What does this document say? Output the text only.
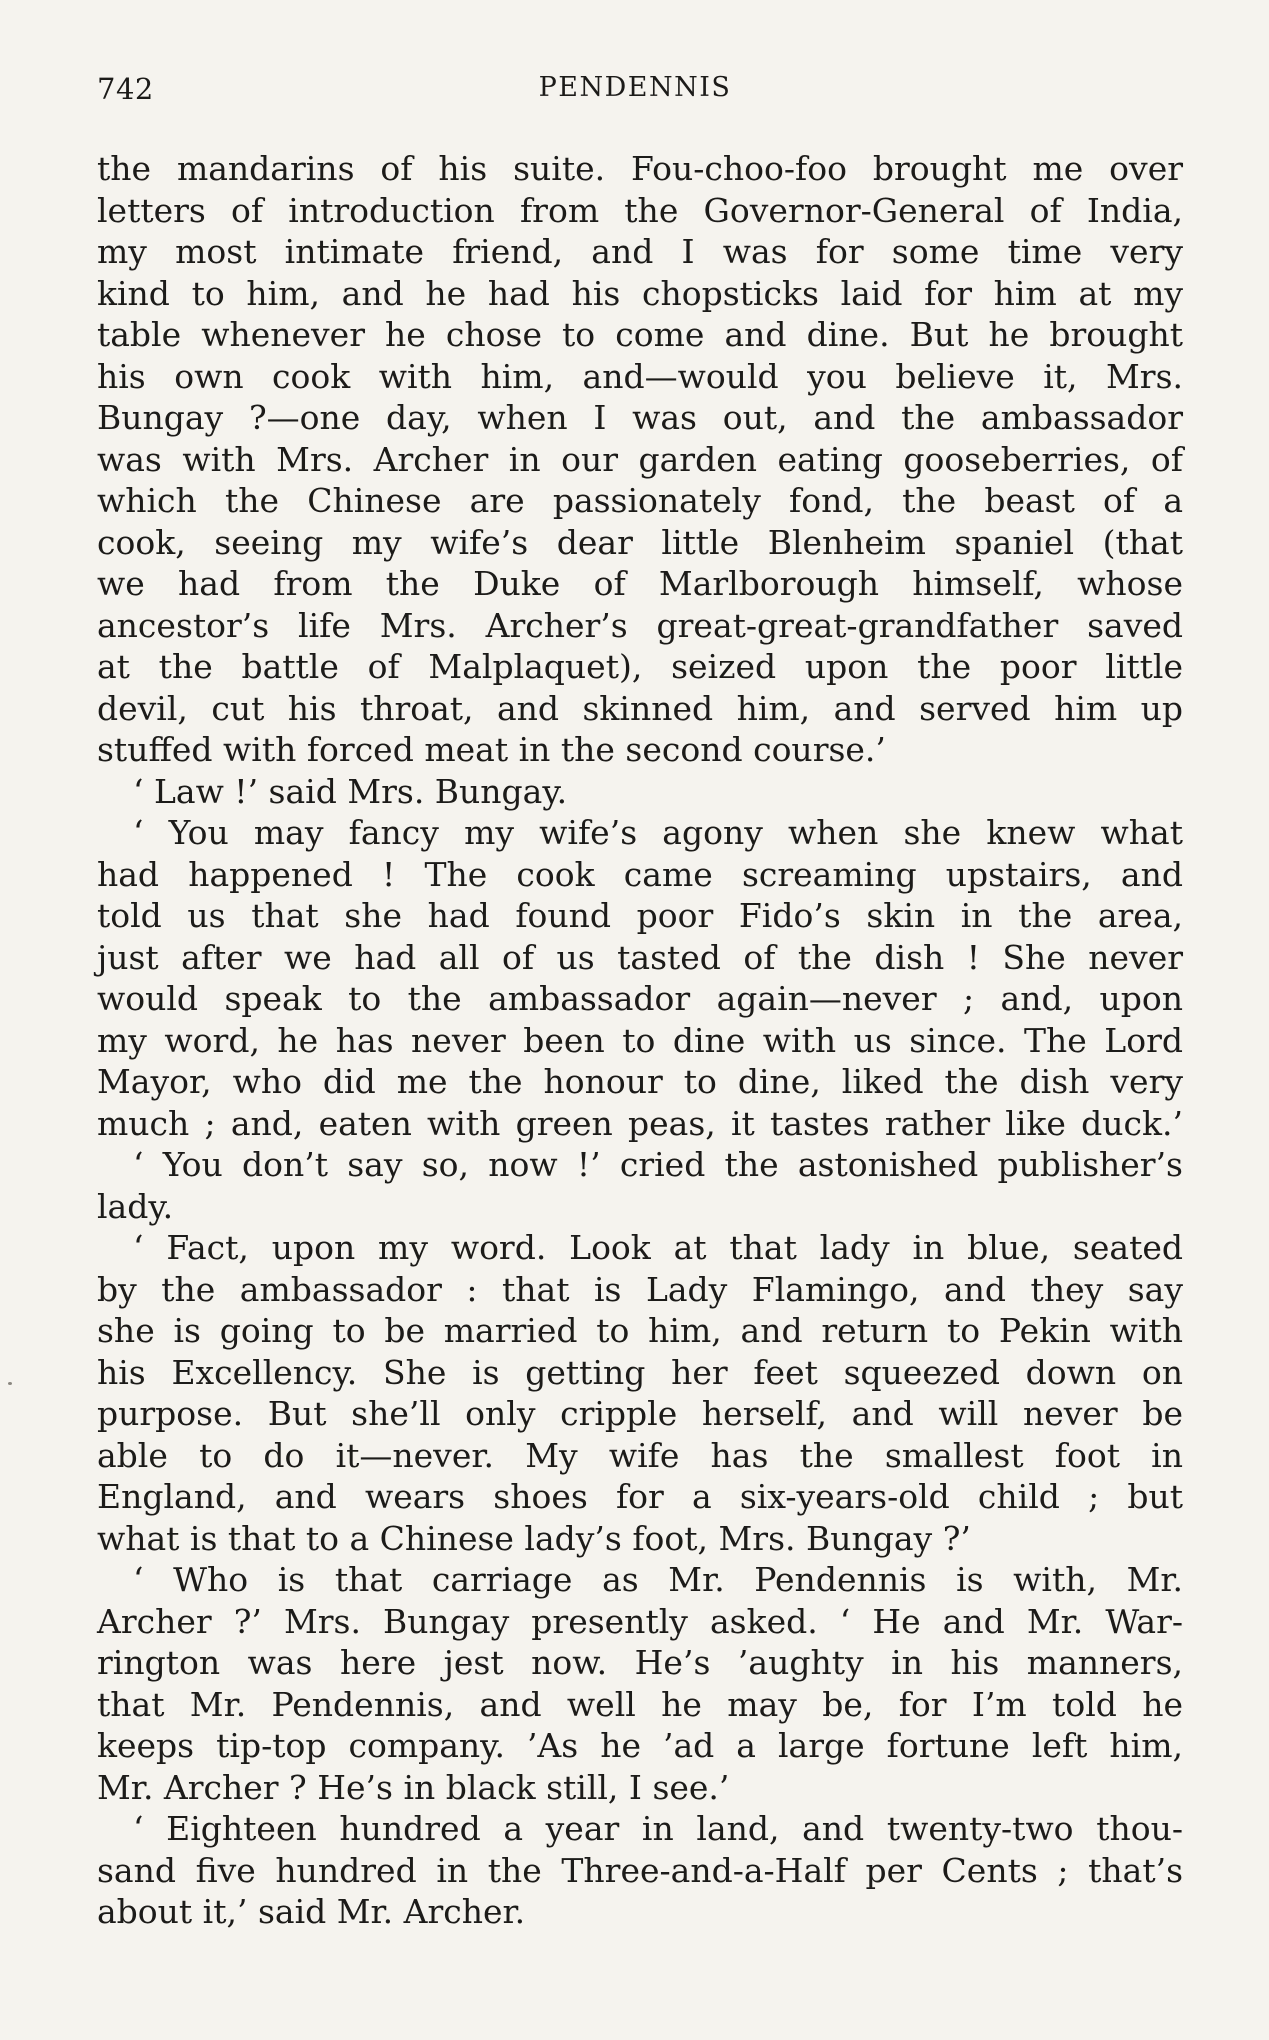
742	PENDENNIS
the mandarins of his suite. Fou-choo-foo brought me over
letters of introduction from the Governor-General of India,
my most intimate friend, and I was for some time very
kind to him, and he had his chopsticks laid for him at my
table whenever he chose to come and dine. But he brought
his own cook with him, and—would you believe it, Mrs.
Bungay ?—one day, when I was out, and the ambassador
was with Mrs. Archer in our garden eating gooseberries, of
which the Chinese are passionately fond, the beast of a
cook, seeing my wife’s dear little Blenheim spaniel (that
we had from the Duke of Marlborough himself, whose
ancestor’s life Mrs. Archer’s great-great-grandfather saved
at the battle of Malplaquet), seized upon the poor little
devil, cut his throat, and skinned him, and served him up
stuffed with forced meat in the second course.’
‘ Law !’ said Mrs. Bungay.
‘ You may fancy my wife’s agony when she knew what
had happened ! The cook came screaming upstairs, and
told us that she had found poor Fido’s skin in the area,
just after we had all of us tasted of the dish ! She never
would speak to the ambassador again—never ; and, upon
my word, he has never been to dine with us since. The Lord
Mayor, who did me the honour to dine, liked the dish very
much ; and, eaten with green peas, it tastes rather like duck.’
‘ You don’t say so, now !’ cried the astonished publisher’s
lady.
‘ Fact, upon my word. Look at that lady in blue, seated
by the ambassador : that is Lady Flamingo, and they say
she is going to be married to him, and return to Pekin with
his Excellency. She is getting her feet squeezed down on
purpose. But she’ll only cripple herself, and will never be
able to do it—never. My wife has the smallest foot in
England, and wears shoes for a six-years-old child ; but
what is that to a Chinese lady’s foot, Mrs. Bungay ?’
‘ Who is that carriage as Mr. Pendennis is with, Mr.
Archer ?’ Mrs. Bungay presently asked. ‘ He and Mr. War-
rington was here jest now. He’s ’aughty in his manners,
that Mr. Pendennis, and well he may be, for I’m told he
keeps tip-top company. ’As he ’ad a large fortune left him,
Mr. Archer ? He’s in black still, I see.’
‘ Eighteen hundred a year in land, and twenty-two thou-
sand five hundred in the Three-and-a-Half per Cents ; that’s
about it,’ said Mr. Archer.
